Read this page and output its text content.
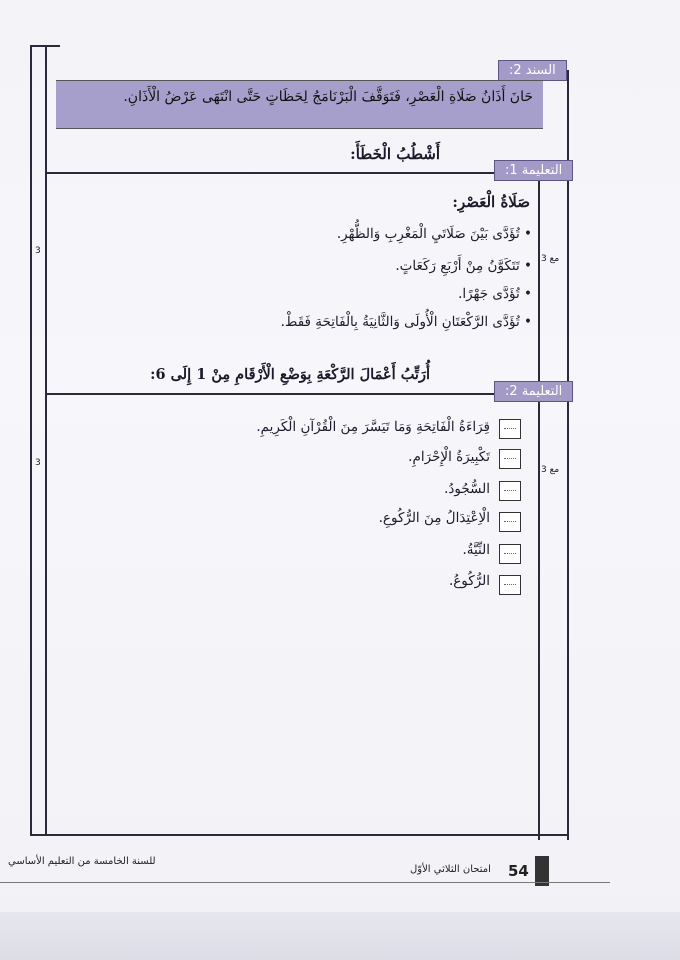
السند 2:
حَانَ أَذَانُ صَلَاةِ الْعَصْرِ، فَتَوَقَّفَ الْبَرْنَامَجُ لِحَظَاتٍ حَتَّى انْتَهَى عَرْضُ الْأَذَانِ.
التعليمة 1:
أَشْطُبُ الْخَطَأَ:
صَلَاةُ الْعَصْرِ:
• تُؤَدَّى بَيْنَ صَلَاتَيِ الْمَغْرِبِ وَالظُّهْرِ.
• تَتَكَوَّنُ مِنْ أَرْبَعِ رَكَعَاتٍ.
• تُؤَدَّى جَهْرًا.
• تُؤَدَّى الرَّكْعَتَانِ الْأُولَى وَالثَّانِيَةُ بِالْفَاتِحَةِ فَقَطْ.
مع 3
3
التعليمة 2:
أُرَتِّبُ أَعْمَالَ الرَّكْعَةِ بِوَضْعِ الْأَرْقَامِ مِنْ 1 إِلَى 6:
قِرَاءَةُ الْفَاتِحَةِ وَمَا تَيَسَّرَ مِنَ الْقُرْآنِ الْكَرِيمِ.
تَكْبِيرَةُ الْإِحْرَامِ.
السُّجُودُ.
الْاِعْتِدَالُ مِنَ الرُّكُوعِ.
النِّيَّةُ.
الرُّكُوعُ.
مع 3
3
امتحان الثلاثي الأوّل 54
للسنة الخامسة من التعليم الأساسي
